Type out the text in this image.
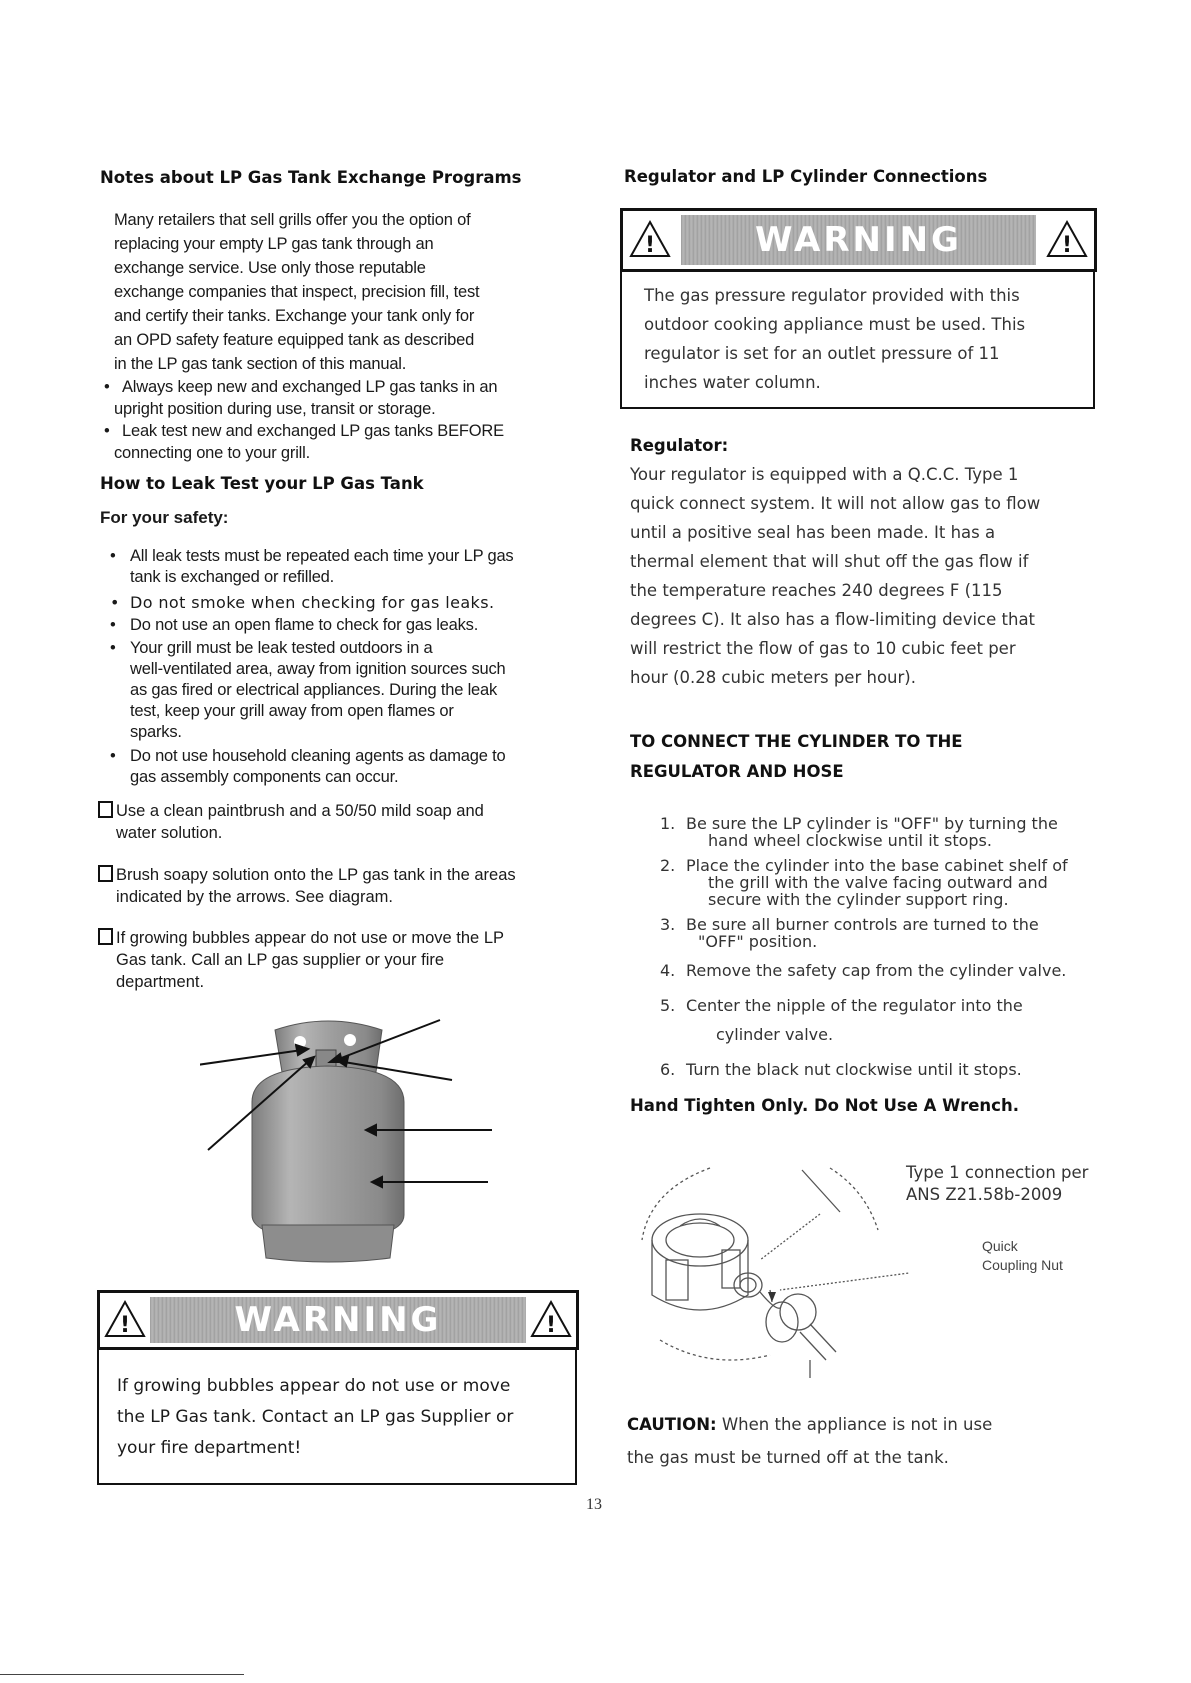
Notes about LP Gas Tank Exchange Programs
Many retailers that sell grills offer you the option of
replacing your empty LP gas tank through an
exchange service. Use only those reputable
exchange companies that inspect, precision fill, test
and certify their tanks. Exchange your tank only for
an OPD safety feature equipped tank as described
in the LP gas tank section of this manual.
• Always keep new and exchanged LP gas tanks in an
upright position during use, transit or storage.
• Leak test new and exchanged LP gas tanks BEFORE
connecting one to your grill.
How to Leak Test your LP Gas Tank
For your safety:
• All leak tests must be repeated each time your LP gas
tank is exchanged or refilled.
• Do not smoke when checking for gas leaks.
• Do not use an open flame to check for gas leaks.
• Your grill must be leak tested outdoors in a
well-ventilated area, away from ignition sources such
as gas fired or electrical appliances. During the leak
test, keep your grill away from open flames or
sparks.
• Do not use household cleaning agents as damage to
gas assembly components can occur.
Use a clean paintbrush and a 50/50 mild soap and
water solution.
Brush soapy solution onto the LP gas tank in the areas
indicated by the arrows. See diagram.
If growing bubbles appear do not use or move the LP
Gas tank. Call an LP gas supplier or your fire
department.
!	WARNING	!
If growing bubbles appear do not use or move
the LP Gas tank. Contact an LP gas Supplier or
your fire department!
Regulator and LP Cylinder Connections
!	WARNING	!
The gas pressure regulator provided with this
outdoor cooking appliance must be used. This
regulator is set for an outlet pressure of 11
inches water column.
Regulator:
Your regulator is equipped with a Q.C.C. Type 1
quick connect system. It will not allow gas to flow
until a positive seal has been made. It has a
thermal element that will shut off the gas flow if
the temperature reaches 240 degrees F (115
degrees C). It also has a flow-limiting device that
will restrict the flow of gas to 10 cubic feet per
hour (0.28 cubic meters per hour).
TO CONNECT THE CYLINDER TO THE
REGULATOR AND HOSE
1. Be sure the LP cylinder is "OFF" by turning the
hand wheel clockwise until it stops.
2. Place the cylinder into the base cabinet shelf of
the grill with the valve facing outward and
secure with the cylinder support ring.
3. Be sure all burner controls are turned to the
"OFF" position.
4. Remove the safety cap from the cylinder valve.
5. Center the nipple of the regulator into the
cylinder valve.
6. Turn the black nut clockwise until it stops.
Hand Tighten Only. Do Not Use A Wrench.
Type 1 connection per
ANS Z21.58b-2009
Quick
Coupling Nut
CAUTION: When the appliance is not in use
the gas must be turned off at the tank.
13
